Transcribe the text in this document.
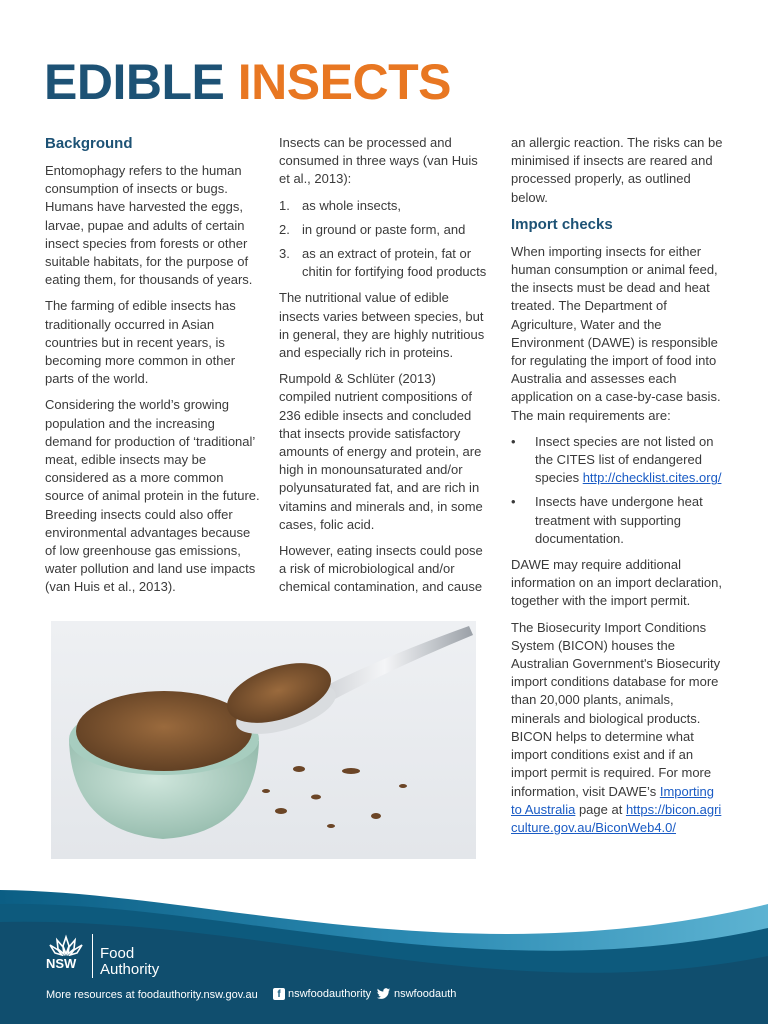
EDIBLE INSECTS
Background

Entomophagy refers to the human consumption of insects or bugs. Humans have harvested the eggs, larvae, pupae and adults of certain insect species from forests or other suitable habitats, for the purpose of eating them, for thousands of years.

The farming of edible insects has traditionally occurred in Asian countries but in recent years, is becoming more common in other parts of the world.

Considering the world’s growing population and the increasing demand for production of ‘traditional’ meat, edible insects may be considered as a more common source of animal protein in the future. Breeding insects could also offer environmental advantages because of low greenhouse gas emissions, water pollution and land use impacts (van Huis et al., 2013).

Insects can be processed and consumed in three ways (van Huis et al., 2013):

1. as whole insects,
2. in ground or paste form, and
3. as an extract of protein, fat or chitin for fortifying food products

The nutritional value of edible insects varies between species, but in general, they are highly nutritious and especially rich in proteins.

Rumpold & Schlüter (2013) compiled nutrient compositions of 236 edible insects and concluded that insects provide satisfactory amounts of energy and protein, are high in monounsaturated and/or polyunsaturated fat, and are rich in vitamins and minerals and, in some cases, folic acid.

However, eating insects could pose a risk of microbiological and/or chemical contamination, and cause

an allergic reaction. The risks can be minimised if insects are reared and processed properly, as outlined below.

Import checks

When importing insects for either human consumption or animal feed, the insects must be dead and heat treated. The Department of Agriculture, Water and the Environment (DAWE) is responsible for regulating the import of food into Australia and assesses each application on a case-by-case basis. The main requirements are:

• Insect species are not listed on the CITES list of endangered species http://checklist.cites.org/
• Insects have undergone heat treatment with supporting documentation.

DAWE may require additional information on an import declaration, together with the import permit.

The Biosecurity Import Conditions System (BICON) houses the Australian Government's Biosecurity import conditions database for more than 20,000 plants, animals, minerals and biological products. BICON helps to determine what import conditions exist and if an import permit is required. For more information, visit DAWE’s Importing to Australia page at https://bicon.agriculture.gov.au/BiconWeb4.0/

NSW
Food
Authority
More resources at foodauthority.nsw.gov.au	f nswfoodauthority nswfoodauth
